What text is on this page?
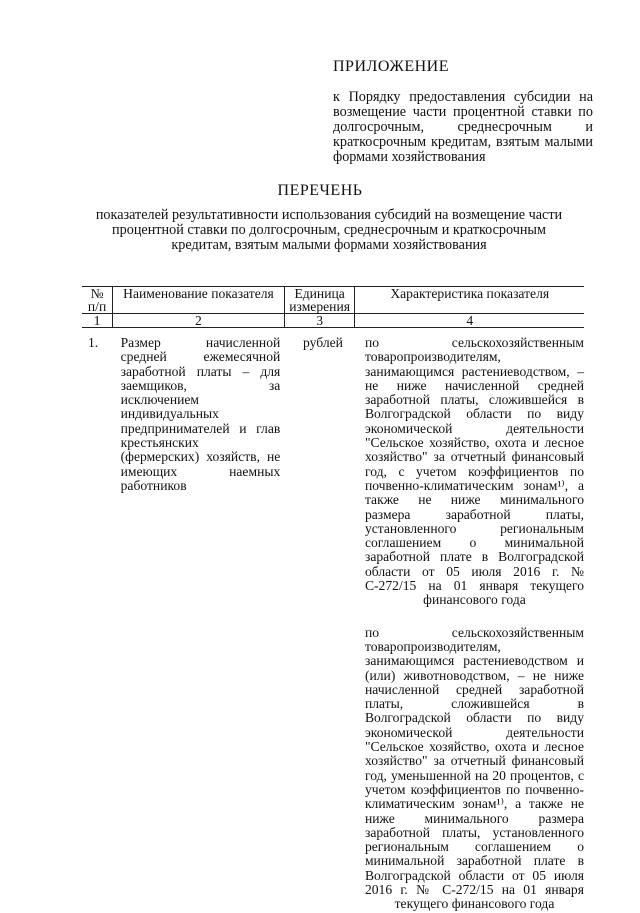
ПРИЛОЖЕНИЕ
к Порядку предоставления субсидии на возмещение части процентной ставки по долгосрочным, среднесрочным и краткосрочным кредитам, взятым малыми формами хозяйствования
ПЕРЕЧЕНЬ
показателей результативности использования субсидий на возмещение части процентной ставки по долгосрочным, среднесрочным и краткосрочным кредитам, взятым малыми формами хозяйствования
№ п/п	Наименование показателя	Единица измерения	Характеристика показателя
1	2	3	4
1.	Размер начисленной средней ежемесячной заработной платы – для заемщиков, за исключением индивидуальных предпринимателей и глав крестьянских (фермерских) хозяйств, не имеющих наемных работников	рублей	по сельскохозяйственным товаропроизводителям, занимающимся растениеводством, – не ниже начисленной средней заработной платы, сложившейся в Волгоградской области по виду экономической деятельности "Сельское хозяйство, охота и лесное хозяйство" за отчетный финансовый год, с учетом коэффициентов по почвенно-климатическим зонам¹⁾, а также не ниже минимального размера заработной платы, установленного региональным соглашением о минимальной заработной плате в Волгоградской области от 05 июля 2016 г. № С-272/15 на 01 января текущего финансового года

по сельскохозяйственным товаропроизводителям, занимающимся растениеводством и (или) животноводством, – не ниже начисленной средней заработной платы, сложившейся в Волгоградской области по виду экономической деятельности "Сельское хозяйство, охота и лесное хозяйство" за отчетный финансовый год, уменьшенной на 20 процентов, с учетом коэффициентов по почвенно-климатическим зонам¹⁾, а также не ниже минимального размера заработной платы, установленного региональным соглашением о минимальной заработной плате в Волгоградской области от 05 июля 2016 г. № С-272/15 на 01 января текущего финансового года
